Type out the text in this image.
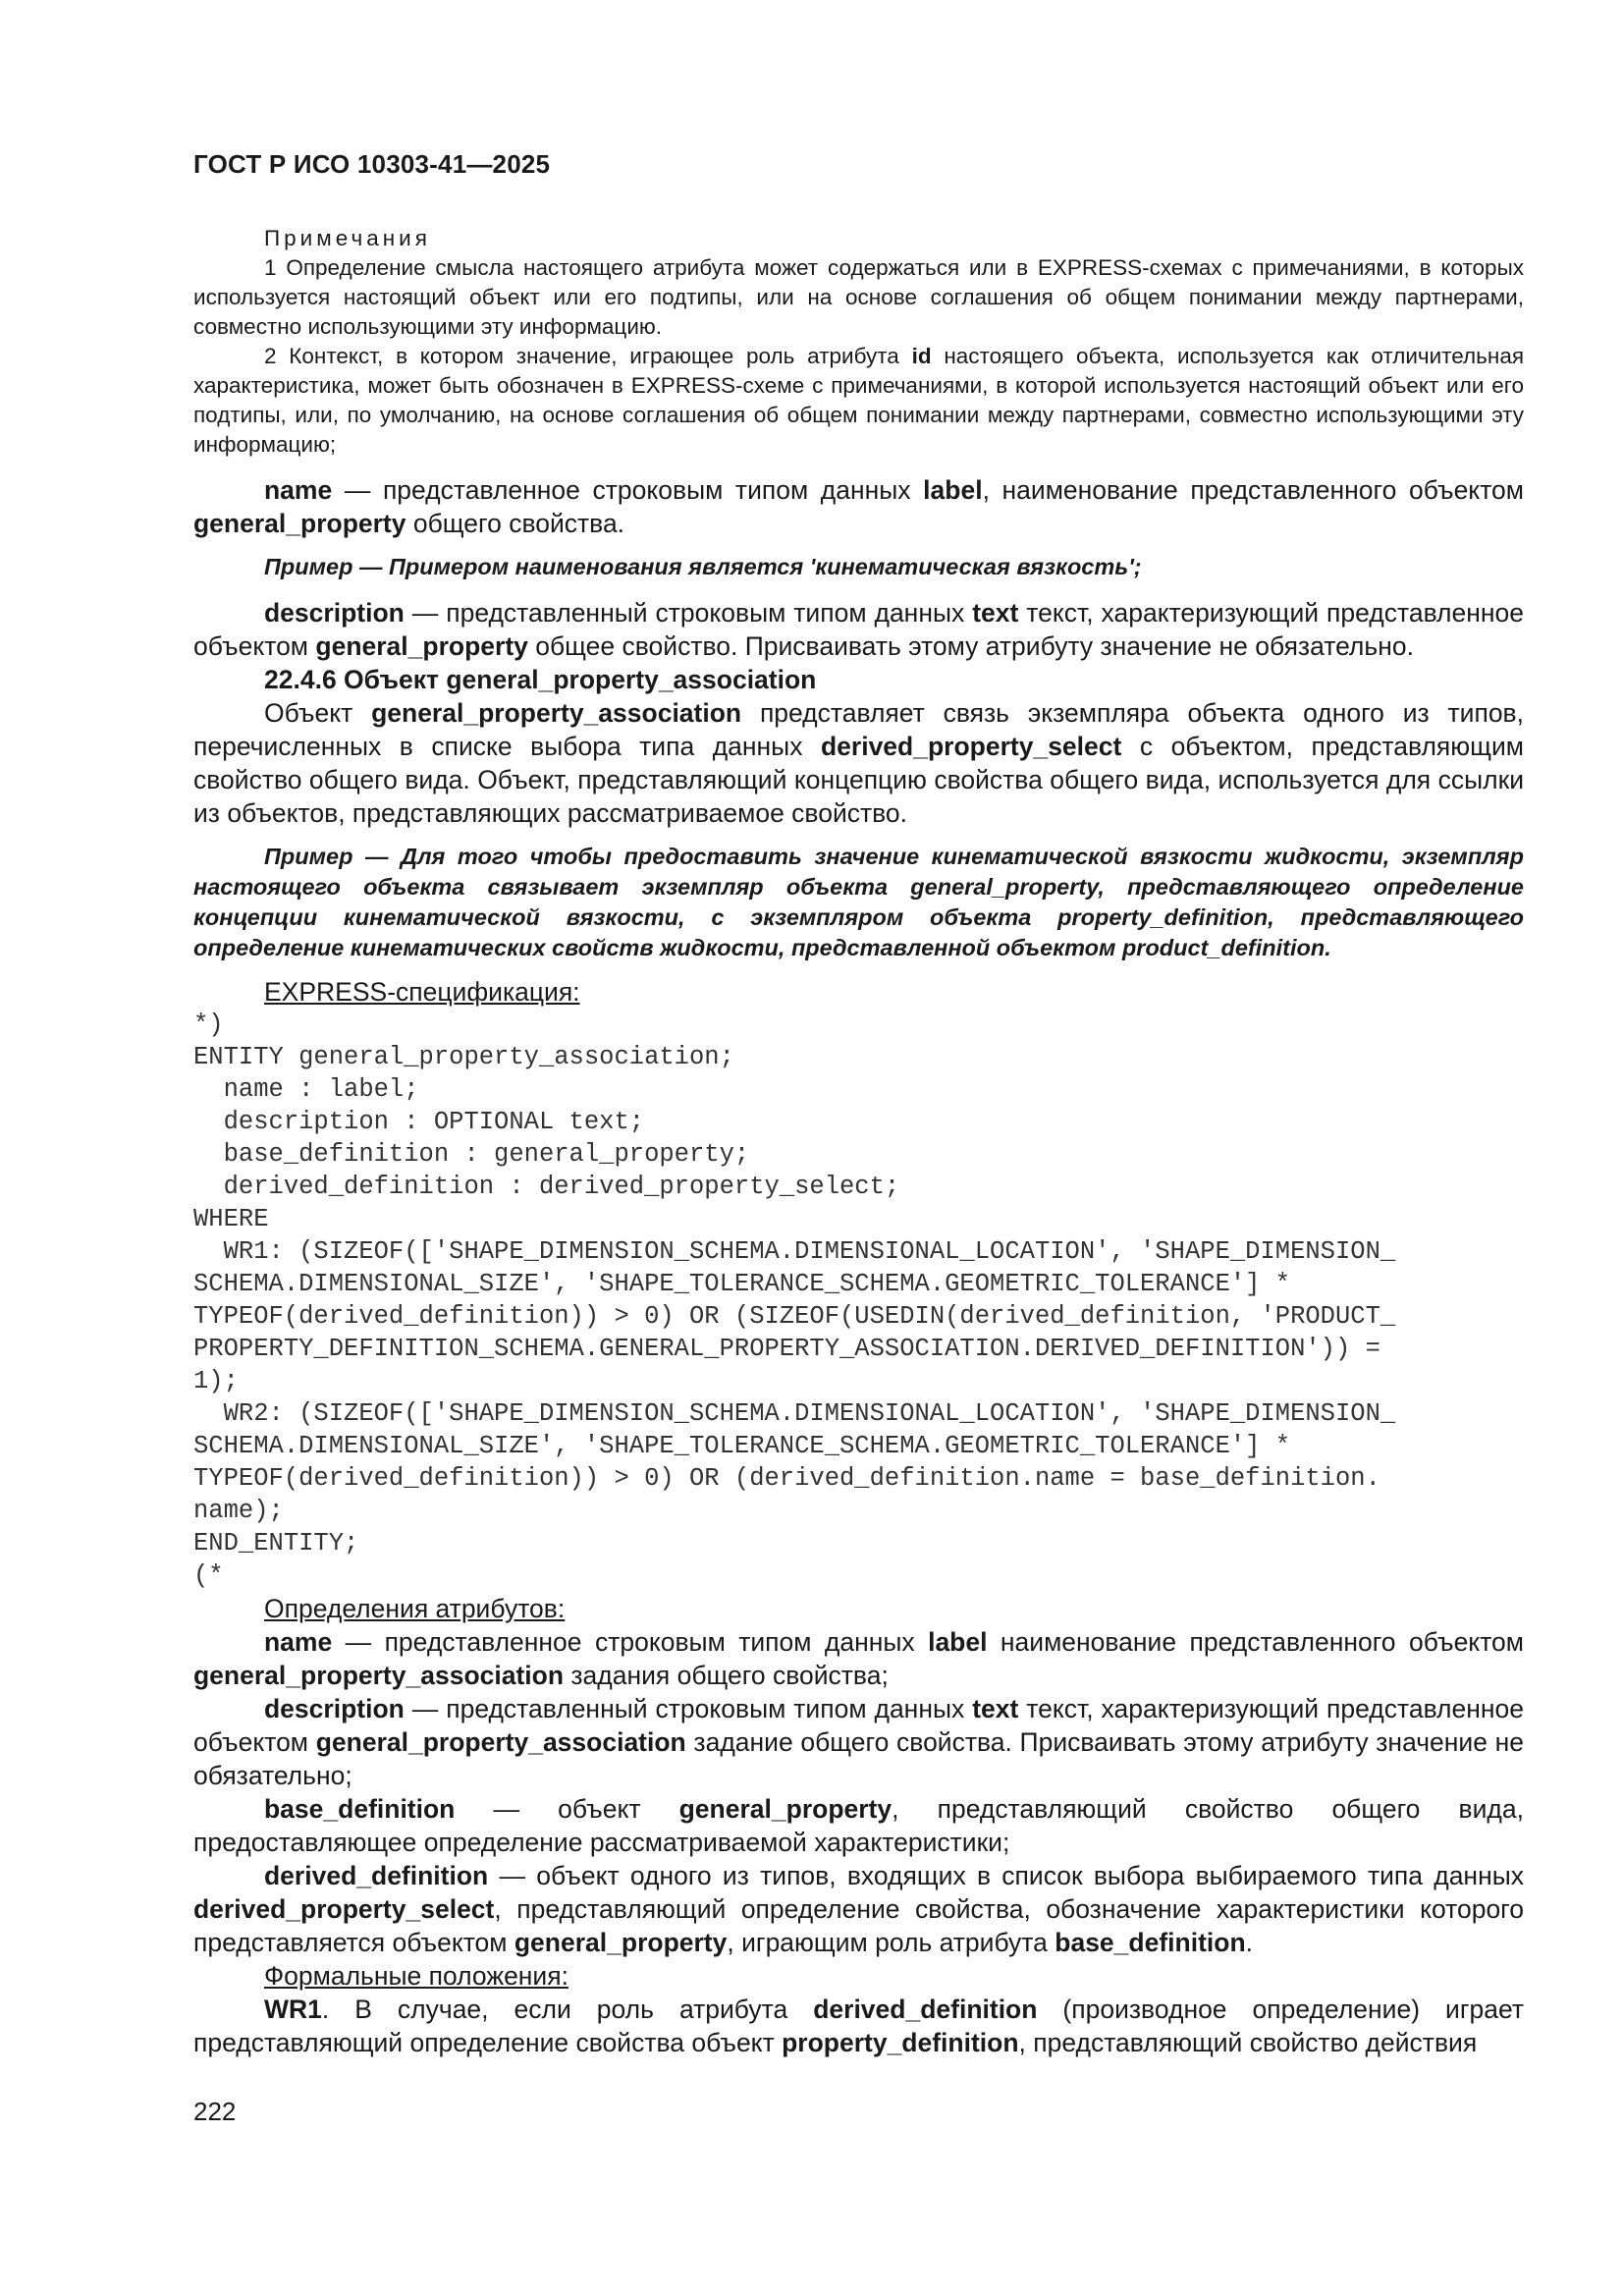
ГОСТ Р ИСО 10303-41—2025
Примечания

1 Определение смысла настоящего атрибута может содержаться или в EXPRESS-схемах с примечаниями, в которых используется настоящий объект или его подтипы, или на основе соглашения об общем понимании между партнерами, совместно использующими эту информацию.

2 Контекст, в котором значение, играющее роль атрибута id настоящего объекта, используется как отличительная характеристика, может быть обозначен в EXPRESS-схеме с примечаниями, в которой используется настоящий объект или его подтипы, или, по умолчанию, на основе соглашения об общем понимании между партнерами, совместно использующими эту информацию;

name — представленное строковым типом данных label, наименование представленного объектом general_property общего свойства.

Пример — Примером наименования является 'кинематическая вязкость';

description — представленный строковым типом данных text текст, характеризующий представленное объектом general_property общее свойство. Присваивать этому атрибуту значение не обязательно.

22.4.6 Объект general_property_association

Объект general_property_association представляет связь экземпляра объекта одного из типов, перечисленных в списке выбора типа данных derived_property_select с объектом, представляющим свойство общего вида. Объект, представляющий концепцию свойства общего вида, используется для ссылки из объектов, представляющих рассматриваемое свойство.

Пример — Для того чтобы предоставить значение кинематической вязкости жидкости, экземпляр настоящего объекта связывает экземпляр объекта general_property, представляющего определение концепции кинематической вязкости, с экземпляром объекта property_definition, представляющего определение кинематических свойств жидкости, представленной объектом product_definition.

EXPRESS-спецификация:

*)
ENTITY general_property_association;
name : label;
description : OPTIONAL text;
base_definition : general_property;
derived_definition : derived_property_select;
WHERE
WR1: (SIZEOF(['SHAPE_DIMENSION_SCHEMA.DIMENSIONAL_LOCATION', 'SHAPE_DIMENSION_
SCHEMA.DIMENSIONAL_SIZE', 'SHAPE_TOLERANCE_SCHEMA.GEOMETRIC_TOLERANCE'] *
TYPEOF(derived_definition)) > 0) OR (SIZEOF(USEDIN(derived_definition, 'PRODUCT_
PROPERTY_DEFINITION_SCHEMA.GENERAL_PROPERTY_ASSOCIATION.DERIVED_DEFINITION')) =
1);
WR2: (SIZEOF(['SHAPE_DIMENSION_SCHEMA.DIMENSIONAL_LOCATION', 'SHAPE_DIMENSION_
SCHEMA.DIMENSIONAL_SIZE', 'SHAPE_TOLERANCE_SCHEMA.GEOMETRIC_TOLERANCE'] *
TYPEOF(derived_definition)) > 0) OR (derived_definition.name = base_definition.
name);
END_ENTITY;
(*

Определения атрибутов:

name — представленное строковым типом данных label наименование представленного объектом general_property_association задания общего свойства;

description — представленный строковым типом данных text текст, характеризующий представленное объектом general_property_association задание общего свойства. Присваивать этому атрибуту значение не обязательно;

base_definition — объект general_property, представляющий свойство общего вида, предоставляющее определение рассматриваемой характеристики;

derived_definition — объект одного из типов, входящих в список выбора выбираемого типа данных derived_property_select, представляющий определение свойства, обозначение характеристики которого представляется объектом general_property, играющим роль атрибута base_definition.

Формальные положения:

WR1. В случае, если роль атрибута derived_definition (производное определение) играет представляющий определение свойства объект property_definition, представляющий свойство действия

222
